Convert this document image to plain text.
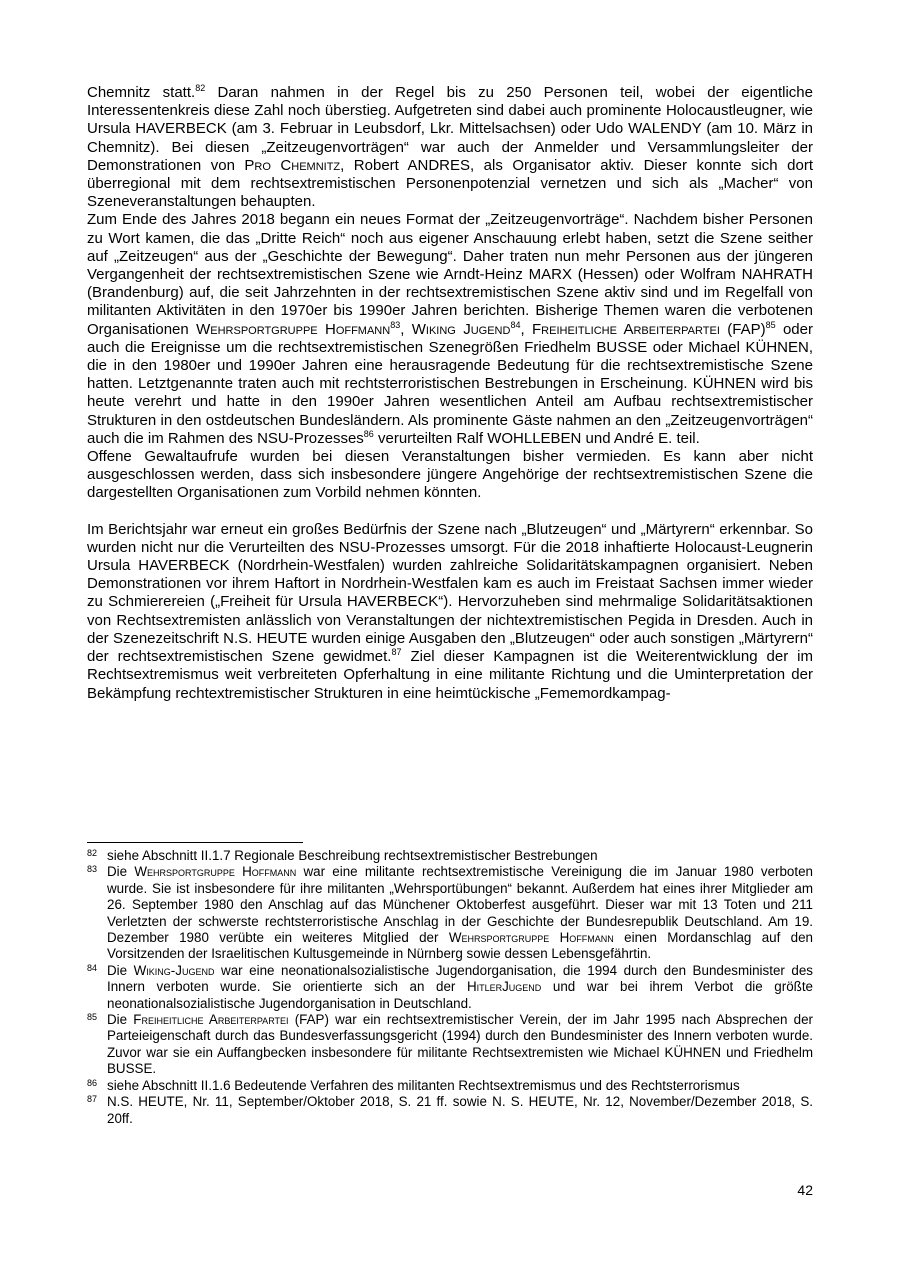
Chemnitz statt.$^{82}$ Daran nahmen in der Regel bis zu 250 Personen teil, wobei der eigentliche Interessentenkreis diese Zahl noch überstieg. Aufgetreten sind dabei auch prominente Holocaustleugner, wie Ursula HAVERBECK (am 3. Februar in Leubsdorf, Lkr. Mittelsachsen) oder Udo WALENDY (am 10. März in Chemnitz). Bei diesen „Zeitzeugenvorträgen“ war auch der Anmelder und Versammlungsleiter der Demonstrationen von Pro Chemnitz, Robert ANDRES, als Organisator aktiv. Dieser konnte sich dort überregional mit dem rechtsextremistischen Personenpotenzial vernetzen und sich als „Macher“ von Szeneveranstaltungen behaupten.

Zum Ende des Jahres 2018 begann ein neues Format der „Zeitzeugenvorträge“. Nachdem bisher Personen zu Wort kamen, die das „Dritte Reich“ noch aus eigener Anschauung erlebt haben, setzt die Szene seither auf „Zeitzeugen“ aus der „Geschichte der Bewegung“. Daher traten nun mehr Personen aus der jüngeren Vergangenheit der rechtsextremistischen Szene wie Arndt-Heinz MARX (Hessen) oder Wolfram NAHRATH (Brandenburg) auf, die seit Jahrzehnten in der rechtsextremistischen Szene aktiv sind und im Regelfall von militanten Aktivitäten in den 1970er bis 1990er Jahren berichten. Bisherige Themen waren die verbotenen Organisationen Wehrsportgruppe Hoffmann$^{83}$, Wiking Jugend$^{84}$, Freiheitliche Arbeiterpartei (FAP)$^{85}$ oder auch die Ereignisse um die rechtsextremistischen Szenegrößen Friedhelm BUSSE oder Michael KÜHNEN, die in den 1980er und 1990er Jahren eine herausragende Bedeutung für die rechtsextremistische Szene hatten. Letztgenannte traten auch mit rechtsterroristischen Bestrebungen in Erscheinung. KÜHNEN wird bis heute verehrt und hatte in den 1990er Jahren wesentlichen Anteil am Aufbau rechtsextremistischer Strukturen in den ostdeutschen Bundesländern. Als prominente Gäste nahmen an den „Zeitzeugenvorträgen“ auch die im Rahmen des NSU-Prozesses$^{86}$ verurteilten Ralf WOHLLEBEN und André E. teil.

Offene Gewaltaufrufe wurden bei diesen Veranstaltungen bisher vermieden. Es kann aber nicht ausgeschlossen werden, dass sich insbesondere jüngere Angehörige der rechtsextremistischen Szene die dargestellten Organisationen zum Vorbild nehmen könnten.

Im Berichtsjahr war erneut ein großes Bedürfnis der Szene nach „Blutzeugen“ und „Märtyrern“ erkennbar. So wurden nicht nur die Verurteilten des NSU-Prozesses umsorgt. Für die 2018 inhaftierte Holocaust-Leugnerin Ursula HAVERBECK (Nordrhein-Westfalen) wurden zahlreiche Solidaritätskampagnen organisiert. Neben Demonstrationen vor ihrem Haftort in Nordrhein-Westfalen kam es auch im Freistaat Sachsen immer wieder zu Schmierereien („Freiheit für Ursula HAVERBECK“). Hervorzuheben sind mehrmalige Solidaritätsaktionen von Rechtsextremisten anlässlich von Veranstaltungen der nichtextremistischen Pegida in Dresden. Auch in der Szenezeitschrift N.S. HEUTE wurden einige Ausgaben den „Blutzeugen“ oder auch sonstigen „Märtyrern“ der rechtsextremistischen Szene gewidmet.$^{87}$ Ziel dieser Kampagnen ist die Weiterentwicklung der im Rechtsextremismus weit verbreiteten Opferhaltung in eine militante Richtung und die Uminterpretation der Bekämpfung rechtextremistischer Strukturen in eine heimtückische „Fememordkampag-

82 siehe Abschnitt II.1.7 Regionale Beschreibung rechtsextremistischer Bestrebungen
83 Die Wehrsportgruppe Hoffmann war eine militante rechtsextremistische Vereinigung die im Januar 1980 verboten wurde. Sie ist insbesondere für ihre militanten „Wehrsportübungen“ bekannt. Außerdem hat eines ihrer Mitglieder am 26. September 1980 den Anschlag auf das Münchener Oktoberfest ausgeführt. Dieser war mit 13 Toten und 211 Verletzten der schwerste rechtsterroristische Anschlag in der Geschichte der Bundesrepublik Deutschland. Am 19. Dezember 1980 verübte ein weiteres Mitglied der Wehrsportgruppe Hoffmann einen Mordanschlag auf den Vorsitzenden der Israelitischen Kultusgemeinde in Nürnberg sowie dessen Lebensgefährtin.
84 Die Wiking-Jugend war eine neonationalsozialistische Jugendorganisation, die 1994 durch den Bundesminister des Innern verboten wurde. Sie orientierte sich an der HitlerJugend und war bei ihrem Verbot die größte neonationalsozialistische Jugendorganisation in Deutschland.
85 Die Freiheitliche Arbeiterpartei (FAP) war ein rechtsextremistischer Verein, der im Jahr 1995 nach Absprechen der Parteieigenschaft durch das Bundesverfassungsgericht (1994) durch den Bundesminister des Innern verboten wurde. Zuvor war sie ein Auffangbecken insbesondere für militante Rechtsextremisten wie Michael KÜHNEN und Friedhelm BUSSE.
86 siehe Abschnitt II.1.6 Bedeutende Verfahren des militanten Rechtsextremismus und des Rechtsterrorismus
87 N.S. HEUTE, Nr. 11, September/Oktober 2018, S. 21 ff. sowie N. S. HEUTE, Nr. 12, November/Dezember 2018, S. 20ff.
42
